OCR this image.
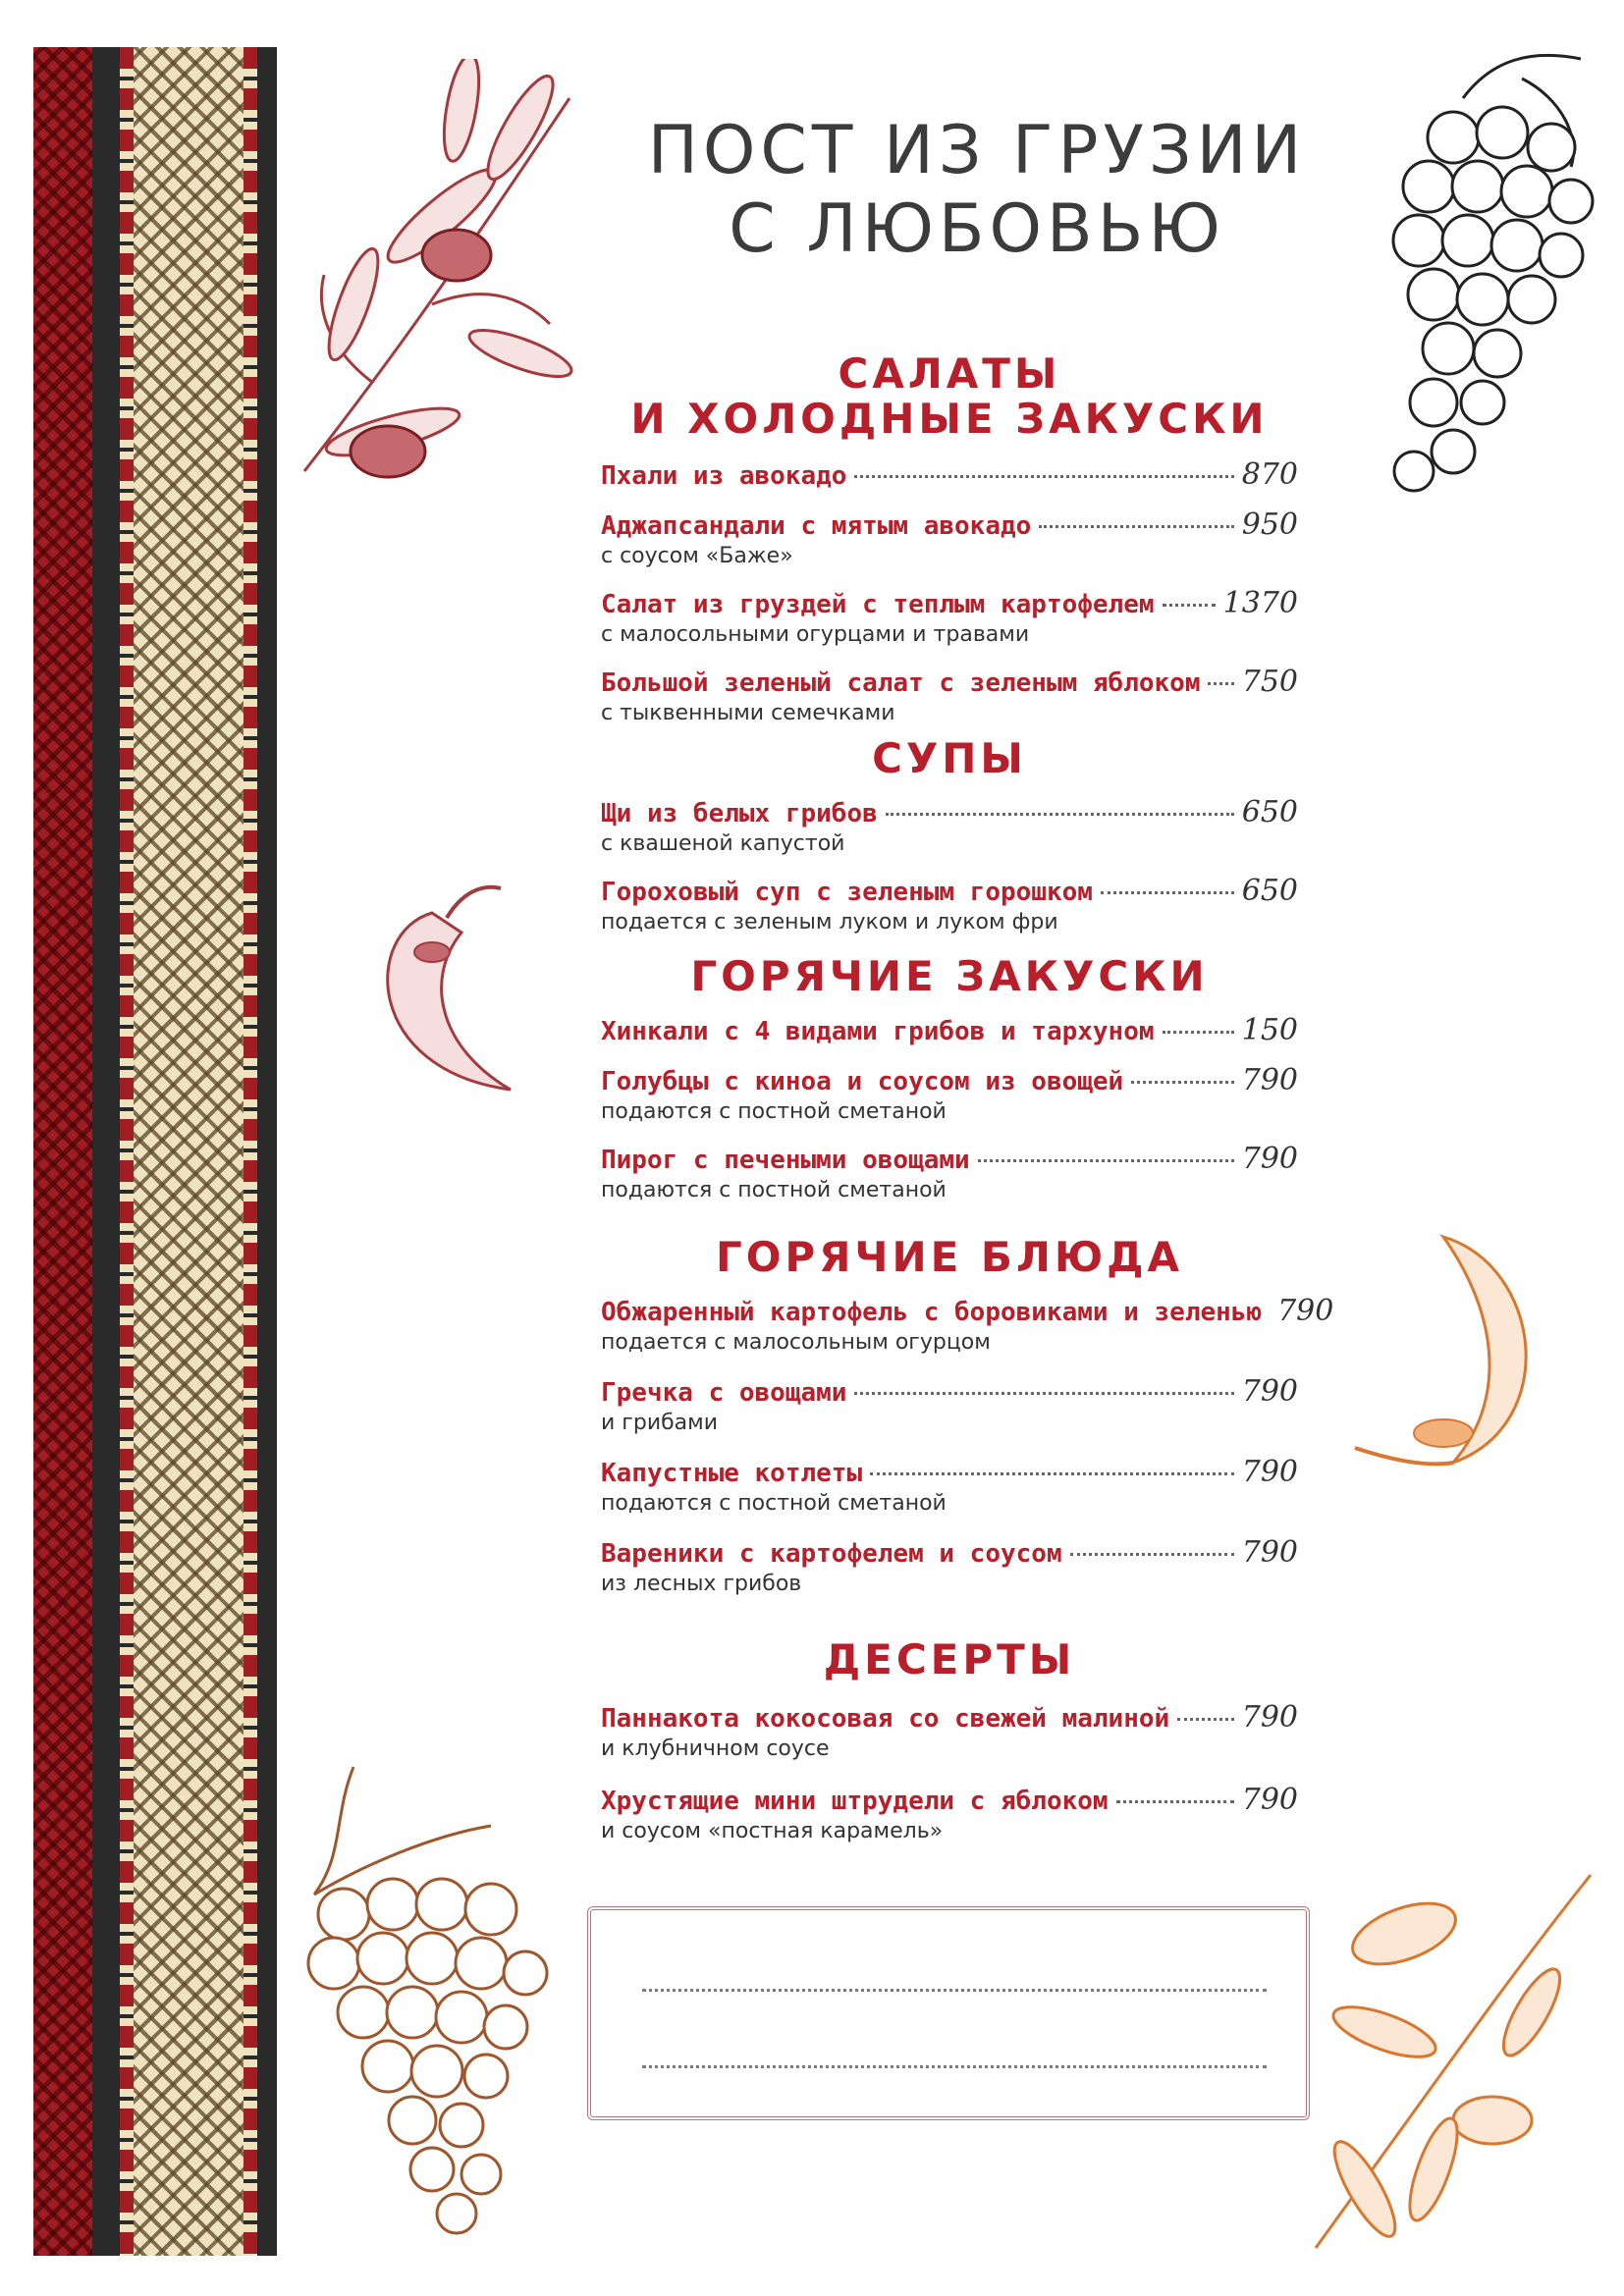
ПОСТ ИЗ ГРУЗИИ
С ЛЮБОВЬЮ
САЛАТЫ
И ХОЛОДНЫЕ ЗАКУСКИ
Пхали из авокадо	870
Аджапсандали с мятым авокадо	950
с соусом «Баже»
Салат из груздей с теплым картофелем 1370
с малосольными огурцами и травами
Большой зеленый салат с зеленым яблоком 750
с тыквенными семечками
СУПЫ
Щи из белых грибов	650
с квашеной капустой
Гороховый суп с зеленым горошком	650
подается с зеленым луком и луком фри
ГОРЯЧИЕ ЗАКУСКИ
Хинкали с 4 видами грибов и тархуном	150
Голубцы с киноа и соусом из овощей	790
подаются с постной сметаной
Пирог с печеными овощами	790
подаются с постной сметаной
ГОРЯЧИЕ БЛЮДА
Обжаренный картофель с боровиками и зеленью 790
подается с малосольным огурцом
Гречка с овощами	790
и грибами
Капустные котлеты	790
подаются с постной сметаной
Вареники с картофелем и соусом	790
из лесных грибов
ДЕСЕРТЫ
Паннакота кокосовая со свежей малиной 790
и клубничном соусе
Хрустящие мини штрудели с яблоком	790
и соусом «постная карамель»
